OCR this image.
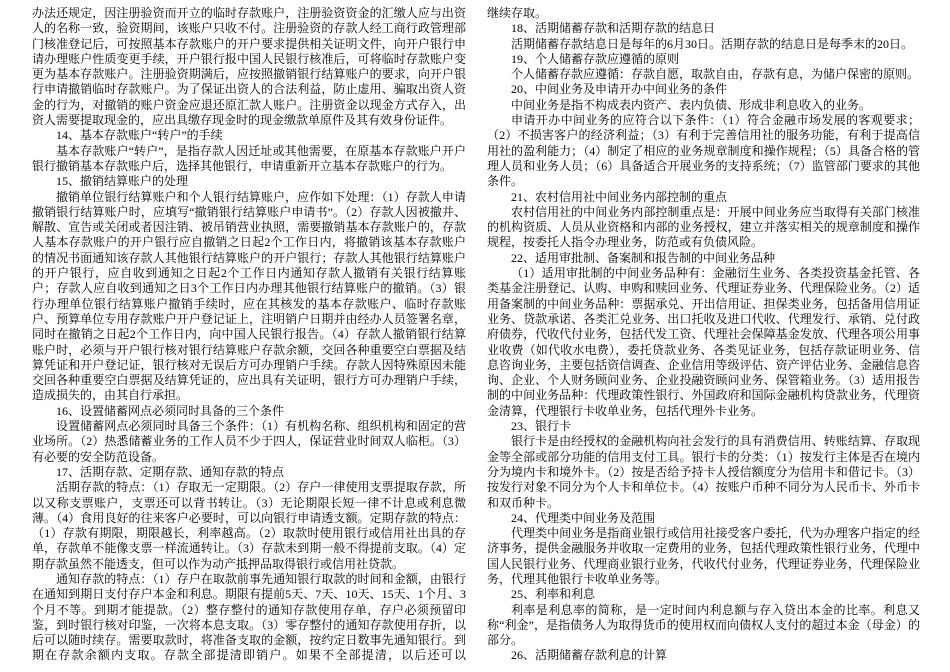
办法还规定，因注册验资而开立的临时存款账户，注册验资资金的汇缴人应与出资人的名称一致，验资期间，该账户只收不付。注册验资的存款人经工商行政管理部门核准登记后，可按照基本存款账户的开户要求提供相关证明文件，向开户银行申请办理账户性质变更手续，开户银行报中国人民银行核准后，可将临时存款账户变更为基本存款账户。注册验资期满后，应按照撤销银行结算账户的要求，向开户银行申请撤销临时存款账户。为了保证出资人的合法利益，防止虚用、骗取出资人资金的行为，对撤销的账户资金应退还原汇款人账户。注册资金以现金方式存入，出资人需要提取现金的，应出具缴存现金时的现金缴款单原件及其有效身份证件。

14、基本存款账户“转户”的手续

基本存款账户“转户”，是指存款人因迁址或其他需要，在原基本存款账户开户银行撤销基本存款账户后，选择其他银行，申请重新开立基本存款账户的行为。

15、撤销结算账户的处理

撤销单位银行结算账户和个人银行结算账户，应作如下处理：（1）存款人申请撤销银行结算账户时，应填写“撤销银行结算账户申请书”。（2）存款人因被撤并、解散、宣告或关闭或者因注销、被吊销营业执照，需要撤销基本存款账户的，存款人基本存款账户的开户银行应自撤销之日起2个工作日内，将撤销该基本存款账户的情况书面通知该存款人其他银行结算账户的开户银行；存款人其他银行结算账户的开户银行，应自收到通知之日起2个工作日内通知存款人撤销有关银行结算账户；存款人应自收到通知之日3个工作日内办理其他银行结算账户的撤销。（3）银行办理单位银行结算账户撤销手续时，应在其核发的基本存款账户、临时存款账户、预算单位专用存款账户开户登记证上，注明销户日期并由经办人员签署名章，同时在撤销之日起2个工作日内，向中国人民银行报告。（4）存款人撤销银行结算账户时，必须与开户银行核对银行结算账户存款余额，交回各种重要空白票据及结算凭证和开户登记证，银行核对无误后方可办理销户手续。存款人因特殊原因未能交回各种重要空白票据及结算凭证的，应出具有关证明，银行方可办理销户手续，造成损失的，由其自行承担。

16、设置储蓄网点必须同时具备的三个条件

设置储蓄网点必须同时具备三个条件：（1）有机构名称、组织机构和固定的营业场所。（2）热悉储蓄业务的工作人员不少于四人，保证营业时间双人临柜。（3）有必要的安全防范设备。

17、活期存款、定期存款、通知存款的特点

活期存款的特点：（1）存取无一定期限。（2）存户一律使用支票提取存款，所以又称支票账户，支票还可以背书转让。（3）无论期限长短一律不计息或利息微薄。（4）食用良好的往来客户必要时，可以向银行申请透支额。定期存款的特点：（1）存款有期限，期限越长，利率越高。（2）取款时使用银行或信用社出具的存单，存款单不能像支票一样流通转让。（3）存款未到期一般不得提前支取。（4）定期存款虽然不能透支，但可以作为动产抵押品取得银行或信用社贷款。

通知存款的特点：（1）存户在取款前事先通知银行取款的时间和金额，由银行在通知到期日支付存户本金和利息。期限有提前5天、7天、10天、15天、1个月、3个月不等。到期才能提款。（2）整存整付的通知存款使用存单，存户必须预留印鉴，到时银行核对印鉴，一次将本息支取。（3）零存整付的通知存款使用存折，以后可以随时续存。需要取款时，将准备支取的金额，按约定日数事先通知银行。到期在存款余额内支取。存款全部提清即销户。如果不全部提清，以后还可以

继续存取。

18、活期储蓄存款和活期存款的结息日

活期储蓄存款结息日是每年的6月30日。活期存款的结息日是每季末的20日。

19、个人储蓄存款应遵循的原则

个人储蓄存款应遵循：存款自愿，取款自由，存款有息，为储户保密的原则。

20、中间业务及申请开办中间业务的条件

中间业务是指不构成表内资产、表内负债、形成非利息收入的业务。

申请开办中间业务的应符合以下条件：（1）符合金融市场发展的客观要求；（2）不损害客户的经济利益；（3）有利于完善信用社的服务功能，有利于提高信用社的盈利能力；（4）制定了相应的业务规章制度和操作规程；（5）具备合格的管理人员和业务人员；（6）具备适合开展业务的支持系统；（7）监管部门要求的其他条件。

21、农村信用社中间业务内部控制的重点

农村信用社的中间业务内部控制重点是：开展中间业务应当取得有关部门核准的机构资质、人员从业资格和内部的业务授权，建立并落实相关的规章制度和操作规程，按委托人指令办理业务，防范或有负债风险。

22、适用审批制、备案制和报告制的中间业务品种

（1）适用审批制的中间业务品种有：金融衍生业务、各类投资基金托管、各类基金注册登记、认购、申购和赎回业务、代理证券业务、代理保险业务。（2）适用备案制的中间业务品种：票据承兑、开出信用证、担保类业务，包括备用信用证业务、贷款承诺、各类汇兑业务、出口托收及进口代收、代理发行、承销、兑付政府债券，代收代付业务，包括代发工资、代理社会保障基金发放、代理各项公用事业收费（如代收水电费），委托贷款业务、各类见证业务，包括存款证明业务、信息咨询业务，主要包括资信调查、企业信用等级评估、资产评估业务、金融信息咨询、企业、个人财务顾问业务、企业投融资顾问业务、保管箱业务。（3）适用报告制的中间业务品种：代理政策性银行、外国政府和国际金融机构贷款业务，代理资金清算，代理银行卡收单业务，包括代理外卡业务。

23、银行卡

银行卡是由经授权的金融机构向社会发行的具有消费信用、转账结算、存取现金等全部或部分功能的信用支付工具。银行卡的分类：（1）按发行主体是否在境内分为境内卡和境外卡。（2）按是否给予持卡人授信额度分为信用卡和借记卡。（3）按发行对象不同分为个人卡和单位卡。（4）按账户币种不同分为人民币卡、外币卡和双币种卡。

24、代理类中间业务及范围

代理类中间业务是指商业银行或信用社接受客户委托，代为办理客户指定的经济事务，提供金融服务并收取一定费用的业务，包括代理政策性银行业务，代理中国人民银行业务、代理商业银行业务，代收代付业务，代理证券业务，代理保险业务，代理其他银行卡收单业务等。

25、利率和利息

利率是利息率的简称，是一定时间内利息额与存入贷出本金的比率。利息又称“利金”，是指债务人为取得货币的使用权而向债权人支付的超过本金（母金）的部分。

26、活期储蓄存款利息的计算
